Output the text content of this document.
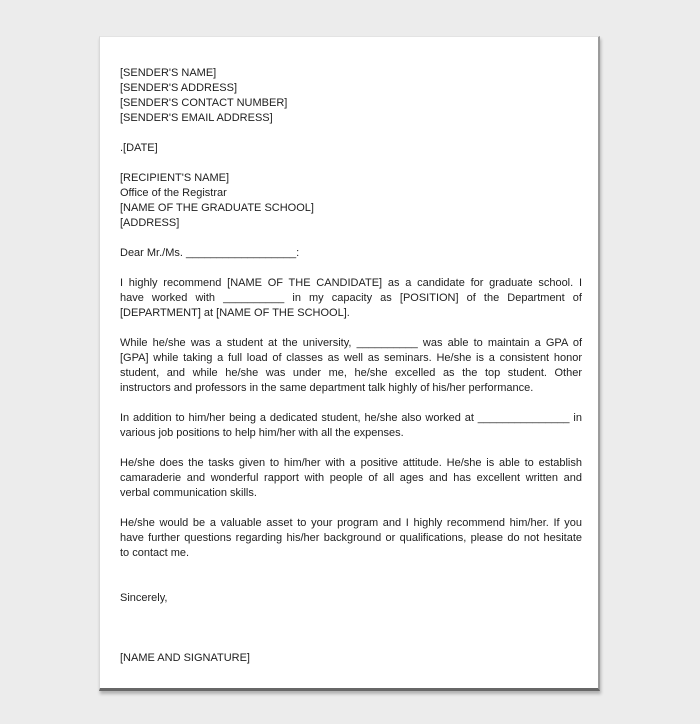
[SENDER'S NAME]
[SENDER'S ADDRESS]
[SENDER'S CONTACT NUMBER]
[SENDER'S EMAIL ADDRESS]
.[DATE]
[RECIPIENT'S NAME]
Office of the Registrar
[NAME OF THE GRADUATE SCHOOL]
[ADDRESS]
Dear Mr./Ms. __________________:
I highly recommend [NAME OF THE CANDIDATE] as a candidate for graduate school. I
have worked with __________ in my capacity as [POSITION] of the Department of
[DEPARTMENT] at [NAME OF THE SCHOOL].
While he/she was a student at the university, __________ was able to maintain a GPA of
[GPA] while taking a full load of classes as well as seminars. He/she is a consistent honor
student, and while he/she was under me, he/she excelled as the top student. Other
instructors and professors in the same department talk highly of his/her performance.
In addition to him/her being a dedicated student, he/she also worked at _______________ in
various job positions to help him/her with all the expenses.
He/she does the tasks given to him/her with a positive attitude. He/she is able to establish
camaraderie and wonderful rapport with people of all ages and has excellent written and
verbal communication skills.
He/she would be a valuable asset to your program and I highly recommend him/her. If you
have further questions regarding his/her background or qualifications, please do not hesitate
to contact me.
Sincerely,
[NAME AND SIGNATURE]
